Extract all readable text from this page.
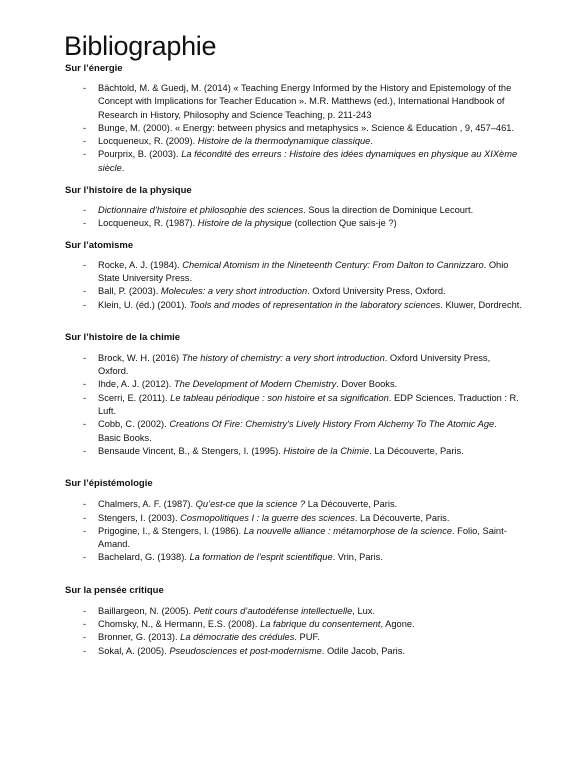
Bibliographie
Sur l’énergie
- Bächtold, M. & Guedj, M. (2014) « Teaching Energy Informed by the History and Epistemology of the Concept with Implications for Teacher Education ». M.R. Matthews (ed.), International Handbook of Research in History, Philosophy and Science Teaching, p. 211-243
- Bunge, M. (2000). « Energy: between physics and metaphysics ». Science & Education , 9, 457–461.
- Locqueneux, R. (2009). Histoire de la thermodynamique classique.
- Pourprix, B. (2003). La fécondité des erreurs : Histoire des idées dynamiques en physique au XIXème siècle.
Sur l’histoire de la physique
- Dictionnaire d’histoire et philosophie des sciences. Sous la direction de Dominique Lecourt.
- Locqueneux, R. (1987). Histoire de la physique (collection Que sais-je ?)
Sur l’atomisme
- Rocke, A. J. (1984). Chemical Atomism in the Nineteenth Century: From Dalton to Cannizzaro. Ohio State University Press.
- Ball, P. (2003). Molecules: a very short introduction. Oxford University Press, Oxford.
- Klein, U. (éd.) (2001). Tools and modes of representation in the laboratory sciences. Kluwer, Dordrecht.
Sur l’histoire de la chimie
- Brock, W. H. (2016) The history of chemistry: a very short introduction. Oxford University Press, Oxford.
- Ihde, A. J. (2012). The Development of Modern Chemistry. Dover Books.
- Scerri, E. (2011). Le tableau périodique : son histoire et sa signification. EDP Sciences. Traduction : R. Luft.
- Cobb, C. (2002). Creations Of Fire: Chemistry's Lively History From Alchemy To The Atomic Age. Basic Books.
- Bensaude Vincent, B., & Stengers, I. (1995). Histoire de la Chimie. La Découverte, Paris.
Sur l’épistémologie
- Chalmers, A. F. (1987). Qu’est-ce que la science ? La Découverte, Paris.
- Stengers, I. (2003). Cosmopolitiques I : la guerre des sciences. La Découverte, Paris.
- Prigogine, I., & Stengers, I. (1986). La nouvelle alliance : métamorphose de la science. Folio, Saint-Amand.
- Bachelard, G. (1938). La formation de l’esprit scientifique. Vrin, Paris.
Sur la pensée critique
- Baillargeon, N. (2005). Petit cours d’autodéfense intellectuelle, Lux.
- Chomsky, N., & Hermann, E.S. (2008). La fabrique du consentement, Agone.
- Bronner, G. (2013). La démocratie des crédules. PUF.
- Sokal, A. (2005). Pseudosciences et post-modernisme. Odile Jacob, Paris.
